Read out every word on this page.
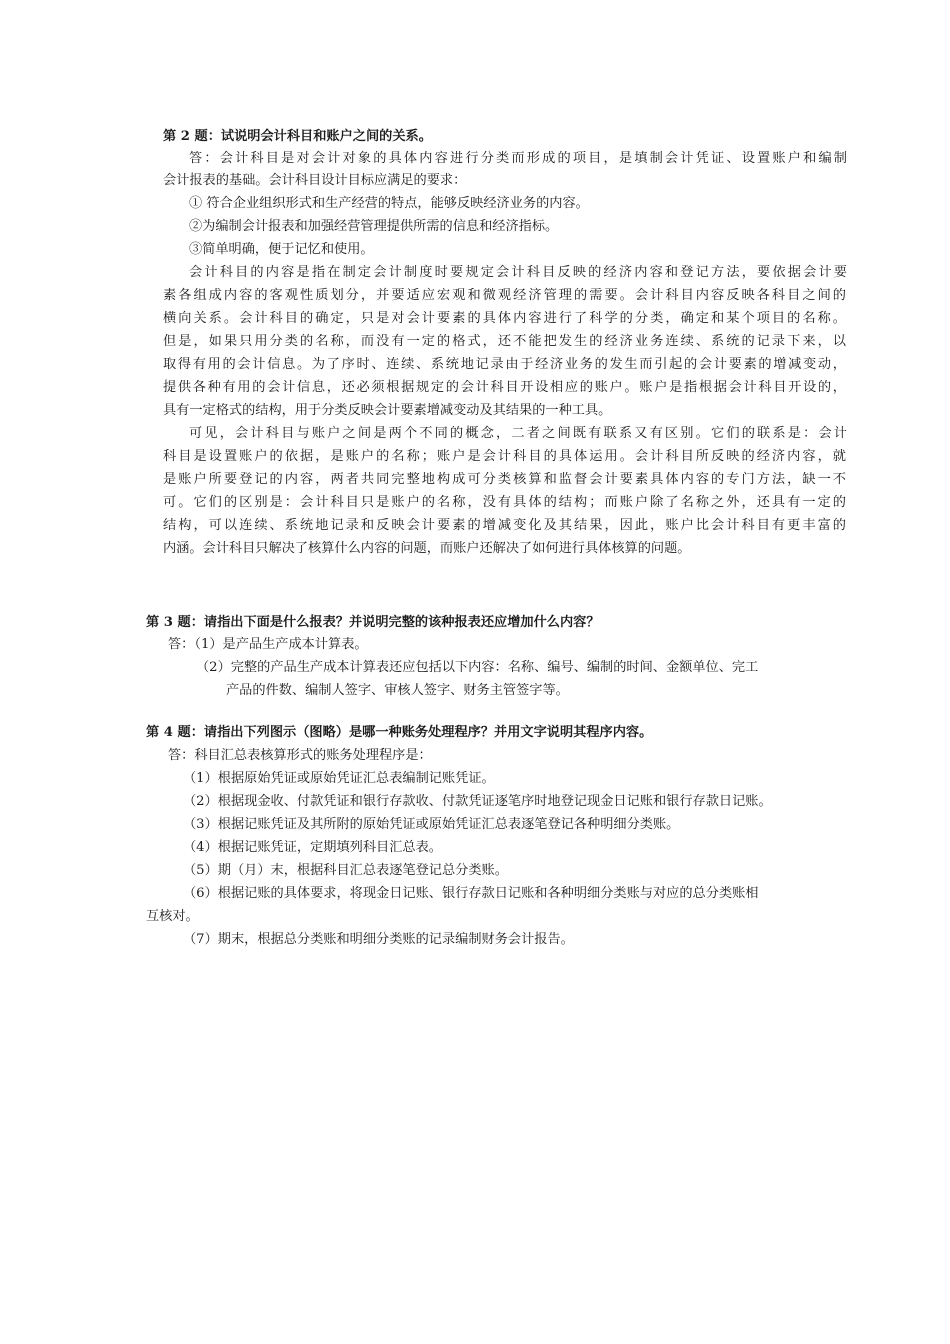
第 2 题：试说明会计科目和账户之间的关系。
答：会计科目是对会计对象的具体内容进行分类而形成的项目，是填制会计凭证、设置账户和编制
会计报表的基础。会计科目设计目标应满足的要求：
① 符合企业组织形式和生产经营的特点，能够反映经济业务的内容。
②为编制会计报表和加强经营管理提供所需的信息和经济指标。
③简单明确，便于记忆和使用。
会计科目的内容是指在制定会计制度时要规定会计科目反映的经济内容和登记方法，要依据会计要
素各组成内容的客观性质划分，并要适应宏观和微观经济管理的需要。会计科目内容反映各科目之间的
横向关系。会计科目的确定，只是对会计要素的具体内容进行了科学的分类，确定和某个项目的名称。
但是，如果只用分类的名称，而没有一定的格式，还不能把发生的经济业务连续、系统的记录下来，以
取得有用的会计信息。为了序时、连续、系统地记录由于经济业务的发生而引起的会计要素的增减变动，
提供各种有用的会计信息，还必须根据规定的会计科目开设相应的账户。账户是指根据会计科目开设的，
具有一定格式的结构，用于分类反映会计要素增减变动及其结果的一种工具。
可见，会计科目与账户之间是两个不同的概念，二者之间既有联系又有区别。它们的联系是：会计
科目是设置账户的依据，是账户的名称；账户是会计科目的具体运用。会计科目所反映的经济内容，就
是账户所要登记的内容，两者共同完整地构成可分类核算和监督会计要素具体内容的专门方法，缺一不
可。它们的区别是：会计科目只是账户的名称，没有具体的结构；而账户除了名称之外，还具有一定的
结构，可以连续、系统地记录和反映会计要素的增减变化及其结果，因此，账户比会计科目有更丰富的
内涵。会计科目只解决了核算什么内容的问题，而账户还解决了如何进行具体核算的问题。
第 3 题：请指出下面是什么报表？并说明完整的该种报表还应增加什么内容？
答：（1）是产品生产成本计算表。
（2）完整的产品生产成本计算表还应包括以下内容：名称、编号、编制的时间、金额单位、完工
产品的件数、编制人签字、审核人签字、财务主管签字等。
第 4 题：请指出下列图示（图略）是哪一种账务处理程序？并用文字说明其程序内容。
答：科目汇总表核算形式的账务处理程序是：
（1）根据原始凭证或原始凭证汇总表编制记账凭证。
（2）根据现金收、付款凭证和银行存款收、付款凭证逐笔序时地登记现金日记账和银行存款日记账。
（3）根据记账凭证及其所附的原始凭证或原始凭证汇总表逐笔登记各种明细分类账。
（4）根据记账凭证，定期填列科目汇总表。
（5）期（月）末，根据科目汇总表逐笔登记总分类账。
（6）根据记账的具体要求，将现金日记账、银行存款日记账和各种明细分类账与对应的总分类账相
互核对。
（7）期末，根据总分类账和明细分类账的记录编制财务会计报告。
